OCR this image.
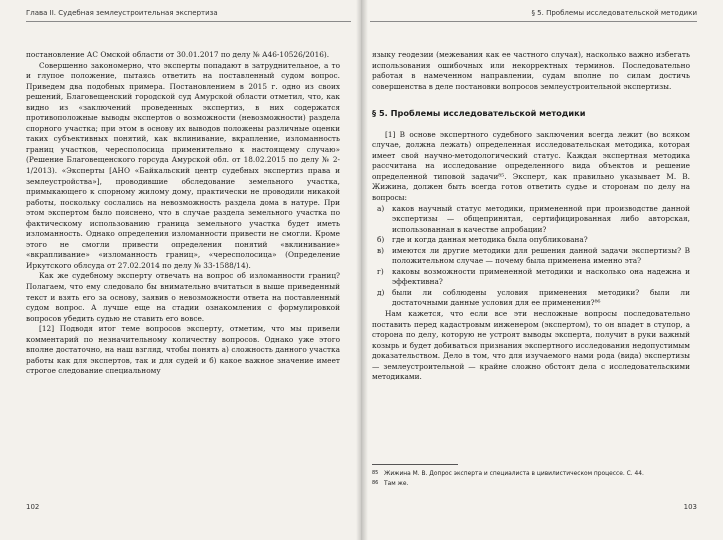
Глава II. Судебная землеустроительная экспертиза

постановление АС Омской области от 30.01.2017 по делу № А46-10526/2016).

Совершенно закономерно, что эксперты попадают в затруднительное, а то и глупое положение, пытаясь ответить на поставленный судом вопрос. Приведем два подобных примера. Постановлением в 2015 г. одно из своих решений, Благовещенский городской суд Амурской области отметил, что, как видно из «заключений проведенных экспертиз, в них содержатся противоположные выводы экспертов о возможности (невозможности) раздела спорного участка; при этом в основу их выводов положены различные оценки таких субъективных понятий, как вклинивание, вкрапление, изломанность границ участков, чересполосица применительно к настоящему случаю» (Решение Благовещенского горсуда Амурской обл. от 18.02.2015 по делу № 2-1/2013). «Эксперты [АНО «Байкальский центр судебных экспертиз права и землеустройства»], проводившие обследование земельного участка, примыкающего к спорному жилому дому, практически не проводили никакой работы, поскольку сослались на невозможность раздела дома в натуре. При этом экспертом было пояснено, что в случае раздела земельного участка по фактическому использованию граница земельного участка будет иметь изломанность. Однако определения изломанности привести не смогли. Кроме этого не смогли привести определения понятий «вклинивание» «вкрапливание» «изломанность границ», «чересполосица» (Определение Иркутского облсуда от 27.02.2014 по делу № 33-1588/14).

Как же судебному эксперту отвечать на вопрос об изломанности границ? Полагаем, что ему следовало бы внимательно вчитаться в выше приведенный текст и взять его за основу, заявив о невозможности ответа на поставленный судом вопрос. А лучше еще на стадии ознакомления с формулировкой вопросов убедить судью не ставить его вовсе.

[12] Подводя итог теме вопросов эксперту, отметим, что мы привели комментарий по незначительному количеству вопросов. Однако уже этого вполне достаточно, на наш взгляд, чтобы понять а) сложность данного участка работы как для экспертов, так и для судей и б) какое важное значение имеет строгое следование специальному

102
§ 5. Проблемы исследовательской методики

языку геодезии (межевания как ее частного случая), насколько важно избегать использования ошибочных или некорректных терминов. Последовательно работая в намеченном направлении, судам вполне по силам достичь совершенства в деле постановки вопросов землеустроительной экспертизы.

§ 5. Проблемы исследовательской методики

[1] В основе экспертного судебного заключения всегда лежит (во всяком случае, должна лежать) определенная исследовательская методика, которая имеет свой научно-методологический статус. Каждая экспертная методика рассчитана на исследование определенного вида объектов и решение определенной типовой задачи⁸⁵. Эксперт, как правильно указывает М. В. Жижина, должен быть всегда готов ответить судье и сторонам по делу на вопросы:

а) каков научный статус методики, примененной при производстве данной экспертизы — общепринятая, сертифицированная либо авторская, использованная в качестве апробации?
б) где и когда данная методика была опубликована?
в) имеются ли другие методики для решения данной задачи экспертизы? В положительном случае — почему была применена именно эта?
г) каковы возможности примененной методики и насколько она надежна и эффективна?
д) были ли соблюдены условия применения методики? были ли достаточными данные условия для ее применения?⁸⁶

Нам кажется, что если все эти несложные вопросы последовательно поставить перед кадастровым инженером (экспертом), то он впадет в ступор, а сторона по делу, которую не устроят выводы эксперта, получит в руки важный козырь и будет добиваться признания экспертного исследования недопустимым доказательством. Дело в том, что для изучаемого нами рода (вида) экспертизы — землеустроительной — крайне сложно обстоят дела с исследовательскими методиками.

85 Жижина М. В. Допрос эксперта и специалиста в цивилистическом процессе. С. 44.
86 Там же.
103
